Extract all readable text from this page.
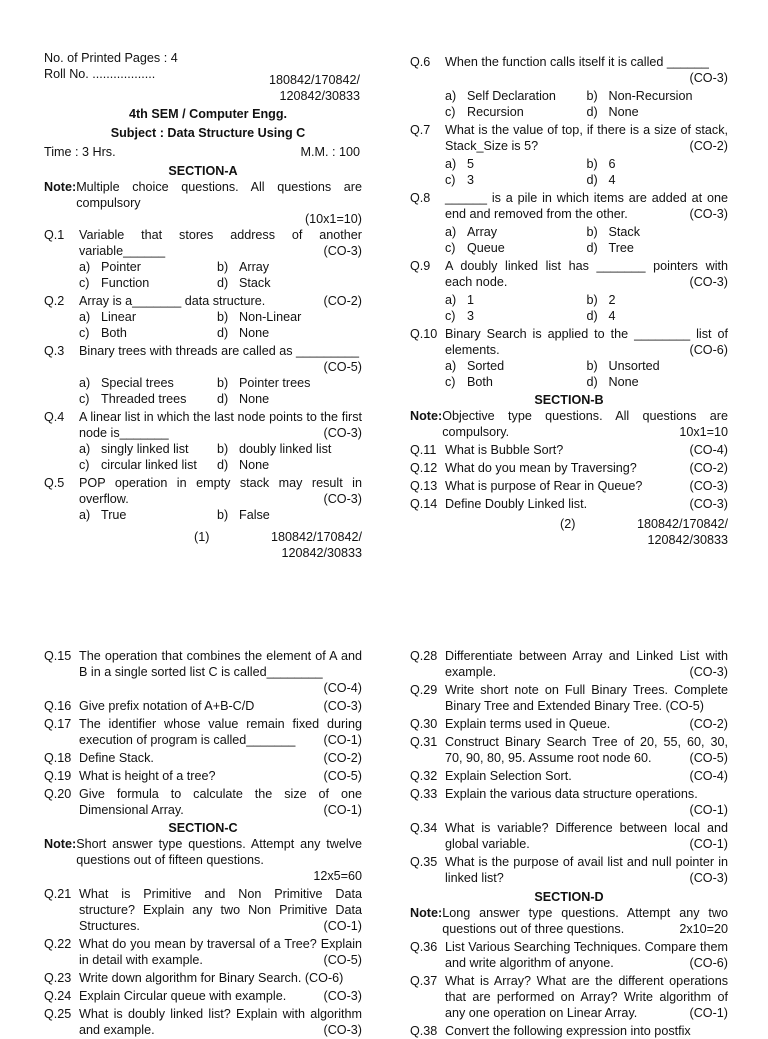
No. of Printed Pages : 4
Roll No. ..................	180842/170842/
120842/30833
4th SEM / Computer Engg.
Subject : Data Structure Using C
Time : 3 Hrs.	M.M. : 100
SECTION-A
Note: Multiple choice questions. All questions are compulsory

(10x1=10)
Q.1	Variable that stores address of another variable______	(CO-3)
a) Pointer	b) Array
c) Function	d) Stack
Q.2	Array is a_______ data structure.	(CO-2)
a) Linear	b) Non-Linear
c) Both	d) None
Q.3	Binary trees with threads are called as _________
(CO-5)
a) Special trees	b) Pointer trees
c) Threaded trees	d) None
Q.4	A linear list in which the last node points to the first node is_______	(CO-3)
a) singly linked list	b) doubly linked list
c) circular linked list	d) None
Q.5	POP operation in empty stack may result in overflow.	(CO-3)
a) True	b) False
(1)	180842/170842/
120842/30833
Q.6	When the function calls itself it is called ______

(CO-3)
a) Self Declaration	b) Non-Recursion
c) Recursion	d) None
Q.7	What is the value of top, if there is a size of stack, Stack_Size is 5?	(CO-2)
a) 5	b) 6
c) 3	d) 4
Q.8	______ is a pile in which items are added at one end and removed from the other.	(CO-3)
a) Array	b) Stack
c) Queue	d) Tree
Q.9	A doubly linked list has _______ pointers with each node.	(CO-3)
a) 1	b) 2
c) 3	d) 4
Q.10 Binary Search is applied to the ________ list of elements.	(CO-6)
a) Sorted	b) Unsorted
c) Both	d) None
SECTION-B
Note: Objective type questions. All questions are compulsory.	10x1=10
Q.11 What is Bubble Sort?	(CO-4)
Q.12 What do you mean by Traversing?	(CO-2)
Q.13 What is purpose of Rear in Queue?	(CO-3)
Q.14 Define Doubly Linked list.	(CO-3)
(2)	180842/170842/
120842/30833
Q.15 The operation that combines the element of A and B in a single sorted list C is called________

(CO-4)
Q.16 Give prefix notation of A+B-C/D	(CO-3)
Q.17 The identifier whose value remain fixed during execution of program is called_______ (CO-1)
Q.18 Define Stack.	(CO-2)
Q.19 What is height of a tree?	(CO-5)
Q.20 Give formula to calculate the size of one Dimensional Array.	(CO-1)
SECTION-C
Note: Short answer type questions. Attempt any twelve questions out of fifteen questions.

12x5=60
Q.21 What is Primitive and Non Primitive Data structure? Explain any two Non Primitive Data Structures.	(CO-1)
Q.22 What do you mean by traversal of a Tree? Explain in detail with example.	(CO-5)
Q.23 Write down algorithm for Binary Search. (CO-6)
Q.24 Explain Circular queue with example.	(CO-3)
Q.25 What is doubly linked list? Explain with algorithm and example.	(CO-3)
Q.28 Differentiate between Array and Linked List with example.	(CO-3)
Q.29 Write short note on Full Binary Trees. Complete Binary Tree and Extended Binary Tree. (CO-5)
Q.30 Explain terms used in Queue.	(CO-2)
Q.31 Construct Binary Search Tree of 20, 55, 60, 30, 70, 90, 80, 95. Assume root node 60.	(CO-5)
Q.32 Explain Selection Sort.	(CO-4)
Q.33 Explain the various data structure operations.

(CO-1)
Q.34 What is variable? Difference between local and global variable.	(CO-1)
Q.35 What is the purpose of avail list and null pointer in linked list?	(CO-3)
SECTION-D
Note: Long answer type questions. Attempt any two questions out of three questions.	2x10=20
Q.36 List Various Searching Techniques. Compare them and write algorithm of anyone.	(CO-6)
Q.37 What is Array? What are the different operations that are performed on Array? Write algorithm of any one operation on Linear Array.	(CO-1)
Q.38 Convert the following expression into postfix
